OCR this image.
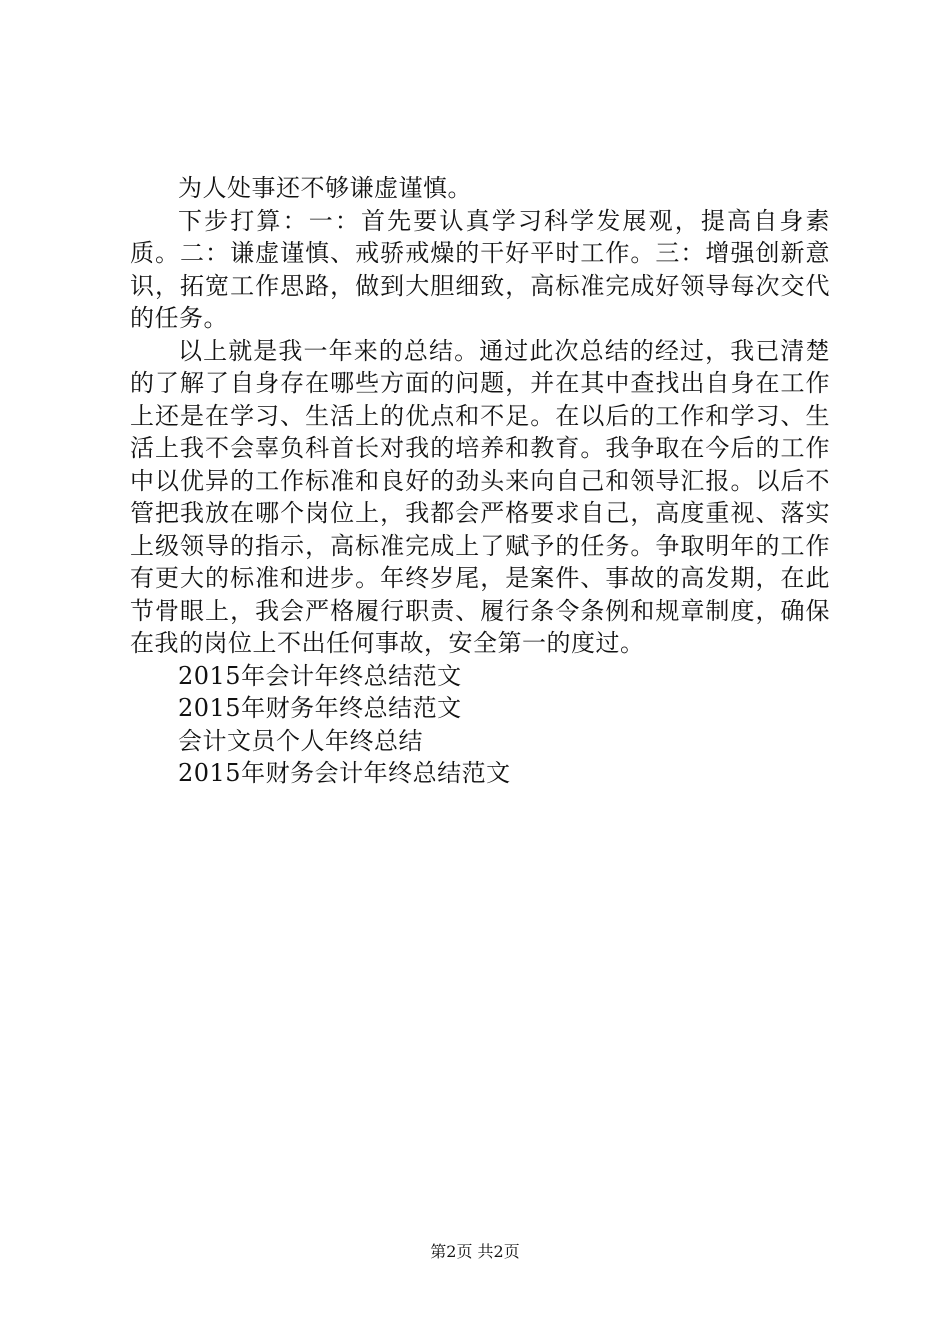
为人处事还不够谦虚谨慎。

下步打算：一：首先要认真学习科学发展观，提高自身素质。二：谦虚谨慎、戒骄戒燥的干好平时工作。三：增强创新意识，拓宽工作思路，做到大胆细致，高标准完成好领导每次交代的任务。

以上就是我一年来的总结。通过此次总结的经过，我已清楚的了解了自身存在哪些方面的问题，并在其中查找出自身在工作上还是在学习、生活上的优点和不足。在以后的工作和学习、生活上我不会辜负科首长对我的培养和教育。我争取在今后的工作中以优异的工作标准和良好的劲头来向自己和领导汇报。以后不管把我放在哪个岗位上，我都会严格要求自己，高度重视、落实上级领导的指示，高标准完成上了赋予的任务。争取明年的工作有更大的标准和进步。年终岁尾，是案件、事故的高发期，在此节骨眼上，我会严格履行职责、履行条令条例和规章制度，确保在我的岗位上不出任何事故，安全第一的度过。

2015年会计年终总结范文

2015年财务年终总结范文

会计文员个人年终总结

2015年财务会计年终总结范文

第2页 共2页
